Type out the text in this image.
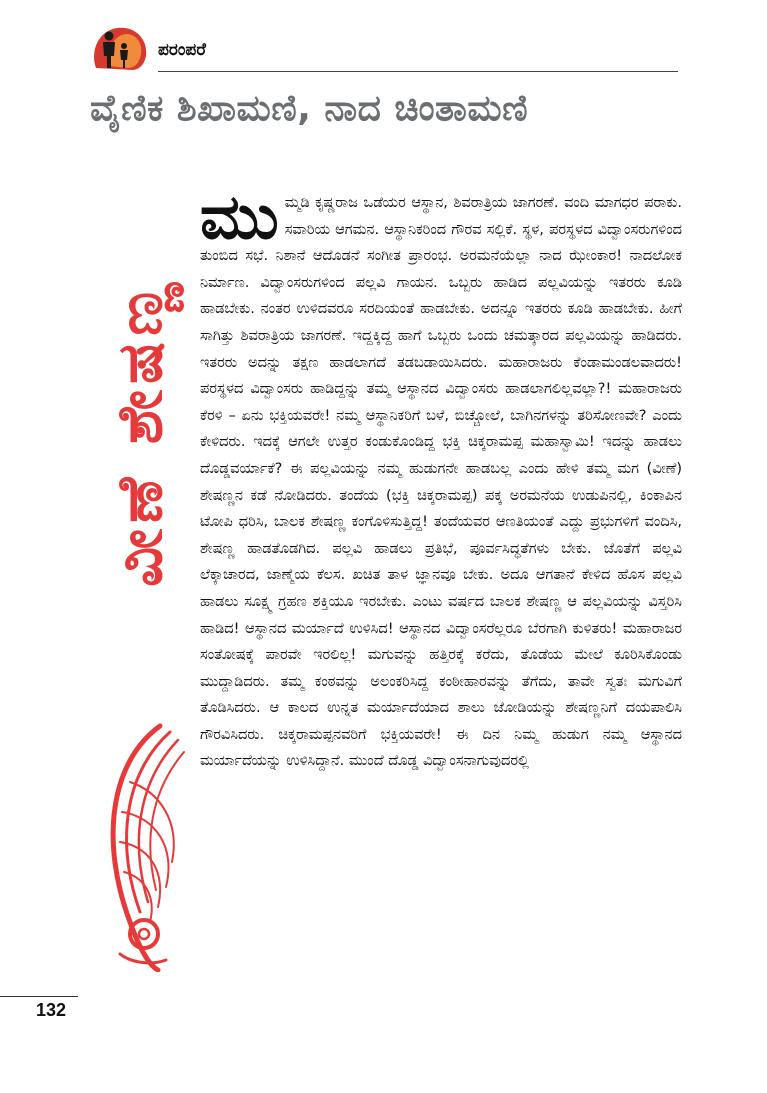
ಪರಂಪರೆ
ವೈಣಿಕ ಶಿಖಾಮಣಿ, ನಾದ ಚಿಂತಾಮಣಿ
ವೀಣೆ ಶೇಷಣ್ಣ
ಮುಮ್ಮಡಿ ಕೃಷ್ಣರಾಜ ಒಡೆಯರ ಆಸ್ಥಾನ, ಶಿವರಾತ್ರಿಯ ಜಾಗರಣೆ. ವಂದಿ ಮಾಗಧರ ಪರಾಕು. ಸವಾರಿಯ ಆಗಮನ. ಆಸ್ಥಾನಿಕರಿಂದ ಗೌರವ ಸಲ್ಲಿಕೆ. ಸ್ಥಳ, ಪರಸ್ಥಳದ ವಿದ್ವಾಂಸರುಗಳಿಂದ ತುಂಬಿದ ಸಭೆ. ನಿಶಾನೆ ಆದೊಡನೆ ಸಂಗೀತ ಪ್ರಾರಂಭ. ಅರಮನೆಯೆಲ್ಲಾ ನಾದ ಝೇಂಕಾರ! ನಾದಲೋಕ ನಿರ್ಮಾಣ. ವಿದ್ವಾಂಸರುಗಳಿಂದ ಪಲ್ಲವಿ ಗಾಯನ. ಒಬ್ಬರು ಹಾಡಿದ ಪಲ್ಲವಿಯನ್ನು ಇತರರು ಕೂಡಿ ಹಾಡಬೇಕು. ನಂತರ ಉಳಿದವರೂ ಸರದಿಯಂತೆ ಹಾಡಬೇಕು. ಅದನ್ನೂ ಇತರರು ಕೂಡಿ ಹಾಡಬೇಕು. ಹೀಗೆ ಸಾಗಿತ್ತು ಶಿವರಾತ್ರಿಯ ಜಾಗರಣೆ. ಇದ್ದಕ್ಕಿದ್ದ ಹಾಗೆ ಒಬ್ಬರು ಒಂದು ಚಮತ್ಕಾರದ ಪಲ್ಲವಿಯನ್ನು ಹಾಡಿದರು. ಇತರರು ಅದನ್ನು ತಕ್ಷಣ ಹಾಡಲಾಗದೆ ತಡಬಡಾಯಿಸಿದರು. ಮಹಾರಾಜರು ಕೆಂಡಾಮಂಡಲವಾದರು! ಪರಸ್ಥಳದ ವಿದ್ವಾಂಸರು ಹಾಡಿದ್ದನ್ನು ತಮ್ಮ ಆಸ್ಥಾನದ ವಿದ್ವಾಂಸರು ಹಾಡಲಾಗಲಿಲ್ಲವಲ್ಲಾ?! ಮಹಾರಾಜರು ಕೆರಳಿ – ಏನು ಭಕ್ತಿಯವರೇ! ನಮ್ಮ ಆಸ್ಥಾನಿಕರಿಗೆ ಬಳೆ, ಬಿಚ್ಚೋಲೆ, ಬಾಗಿನಗಳನ್ನು ತರಿಸೋಣವೇ? ಎಂದು ಕೇಳಿದರು. ಇದಕ್ಕೆ ಆಗಲೇ ಉತ್ತರ ಕಂಡುಕೊಂಡಿದ್ದ ಭಕ್ತಿ ಚಿಕ್ಕರಾಮಪ್ಪ ಮಹಾಸ್ವಾಮಿ! ಇದನ್ನು ಹಾಡಲು ದೊಡ್ಡವರ್ಯಾಕೆ? ಈ ಪಲ್ಲವಿಯನ್ನು ನಮ್ಮ ಹುಡುಗನೇ ಹಾಡಬಲ್ಲ ಎಂದು ಹೇಳಿ ತಮ್ಮ ಮಗ (ವೀಣೆ) ಶೇಷಣ್ಣನ ಕಡೆ ನೋಡಿದರು. ತಂದೆಯ (ಭಕ್ತಿ ಚಿಕ್ಕರಾಮಪ್ಪ) ಪಕ್ಕ ಅರಮನೆಯ ಉಡುಪಿನಲ್ಲಿ, ಕಿಂಕಾಪಿನ ಟೋಪಿ ಧರಿಸಿ, ಬಾಲಕ ಶೇಷಣ್ಣ ಕಂಗೊಳಿಸುತ್ತಿದ್ದ! ತಂದೆಯವರ ಆಣತಿಯಂತೆ ಎದ್ದು ಪ್ರಭುಗಳಿಗೆ ವಂದಿಸಿ, ಶೇಷಣ್ಣ ಹಾಡತೊಡಗಿದ. ಪಲ್ಲವಿ ಹಾಡಲು ಪ್ರತಿಭೆ, ಪೂರ್ವಸಿದ್ಧತೆಗಳು ಬೇಕು. ಜೊತೆಗೆ ಪಲ್ಲವಿ ಲೆಕ್ಕಾಚಾರದ, ಜಾಣ್ಮೆಯ ಕೆಲಸ. ಖಚಿತ ತಾಳ ಜ್ಞಾನವೂ ಬೇಕು. ಅದೂ ಆಗತಾನೆ ಕೇಳಿದ ಹೊಸ ಪಲ್ಲವಿ ಹಾಡಲು ಸೂಕ್ಷ್ಮ ಗ್ರಹಣ ಶಕ್ತಿಯೂ ಇರಬೇಕು. ಎಂಟು ವರ್ಷದ ಬಾಲಕ ಶೇಷಣ್ಣ ಆ ಪಲ್ಲವಿಯನ್ನು ವಿಸ್ತರಿಸಿ ಹಾಡಿದ! ಆಸ್ಥಾನದ ಮರ್ಯಾದೆ ಉಳಿಸಿದ! ಆಸ್ಥಾನದ ವಿದ್ವಾಂಸರೆಲ್ಲರೂ ಬೆರಗಾಗಿ ಕುಳಿತರು! ಮಹಾರಾಜರ ಸಂತೋಷಕ್ಕೆ ಪಾರವೇ ಇರಲಿಲ್ಲ! ಮಗುವನ್ನು ಹತ್ತಿರಕ್ಕೆ ಕರೆದು, ತೊಡೆಯ ಮೇಲೆ ಕೂರಿಸಿಕೊಂಡು ಮುದ್ದಾಡಿದರು. ತಮ್ಮ ಕಂಠವನ್ನು ಅಲಂಕರಿಸಿದ್ದ ಕಂಠೀಹಾರವನ್ನು ತೆಗೆದು, ತಾವೇ ಸ್ವತಃ ಮಗುವಿಗೆ ತೊಡಿಸಿದರು. ಆ ಕಾಲದ ಉನ್ನತ ಮರ್ಯಾದೆಯಾದ ಶಾಲು ಜೋಡಿಯನ್ನು ಶೇಷಣ್ಣನಿಗೆ ದಯಪಾಲಿಸಿ ಗೌರವಿಸಿದರು. ಚಿಕ್ಕರಾಮಪ್ಪನವರಿಗೆ ಭಕ್ತಿಯವರೇ! ಈ ದಿನ ನಿಮ್ಮ ಹುಡುಗ ನಮ್ಮ ಆಸ್ಥಾನದ ಮರ್ಯಾದೆಯನ್ನು ಉಳಿಸಿದ್ದಾನೆ. ಮುಂದೆ ದೊಡ್ಡ ವಿದ್ವಾಂಸನಾಗುವುದರಲ್ಲಿ
132
